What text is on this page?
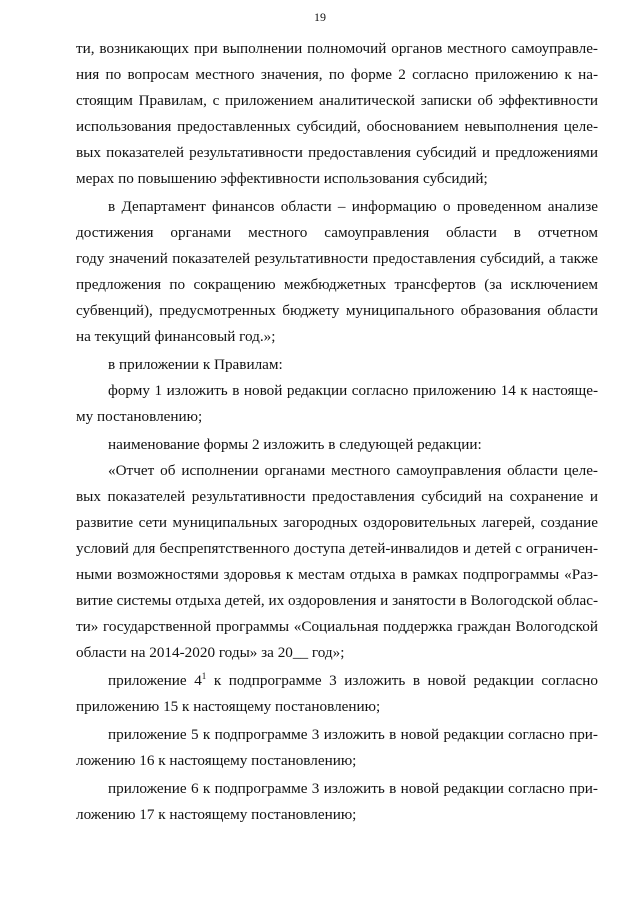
19
ти, возникающих при выполнении полномочий органов местного самоуправле-
ния по вопросам местного значения, по форме 2 согласно приложению к на-
стоящим Правилам, с приложением аналитической записки об эффективности
использования предоставленных субсидий, обоснованием невыполнения целе-
вых показателей результативности предоставления субсидий и предложениями
мерах по повышению эффективности использования субсидий;
в Департамент финансов области – информацию о проведенном анализе
достижения органами местного самоуправления области в отчетном
году значений показателей результативности предоставления субсидий, а также
предложения по сокращению межбюджетных трансфертов (за исключением
субвенций), предусмотренных бюджету муниципального образования области
на текущий финансовый год.»;
в приложении к Правилам:
форму 1 изложить в новой редакции согласно приложению 14 к настояще-
му постановлению;
наименование формы 2 изложить в следующей редакции:
«Отчет об исполнении органами местного самоуправления области целе-
вых показателей результативности предоставления субсидий на сохранение и
развитие сети муниципальных загородных оздоровительных лагерей, создание
условий для беспрепятственного доступа детей-инвалидов и детей с ограничен-
ными возможностями здоровья к местам отдыха в рамках подпрограммы «Раз-
витие системы отдыха детей, их оздоровления и занятости в Вологодской облас-
ти» государственной программы «Социальная поддержка граждан Вологодской
области на 2014-2020 годы» за 20__ год»;
приложение $4^1$ к подпрограмме 3 изложить в новой редакции согласно
приложению 15 к настоящему постановлению;
приложение 5 к подпрограмме 3 изложить в новой редакции согласно при-
ложению 16 к настоящему постановлению;
приложение 6 к подпрограмме 3 изложить в новой редакции согласно при-
ложению 17 к настоящему постановлению;
